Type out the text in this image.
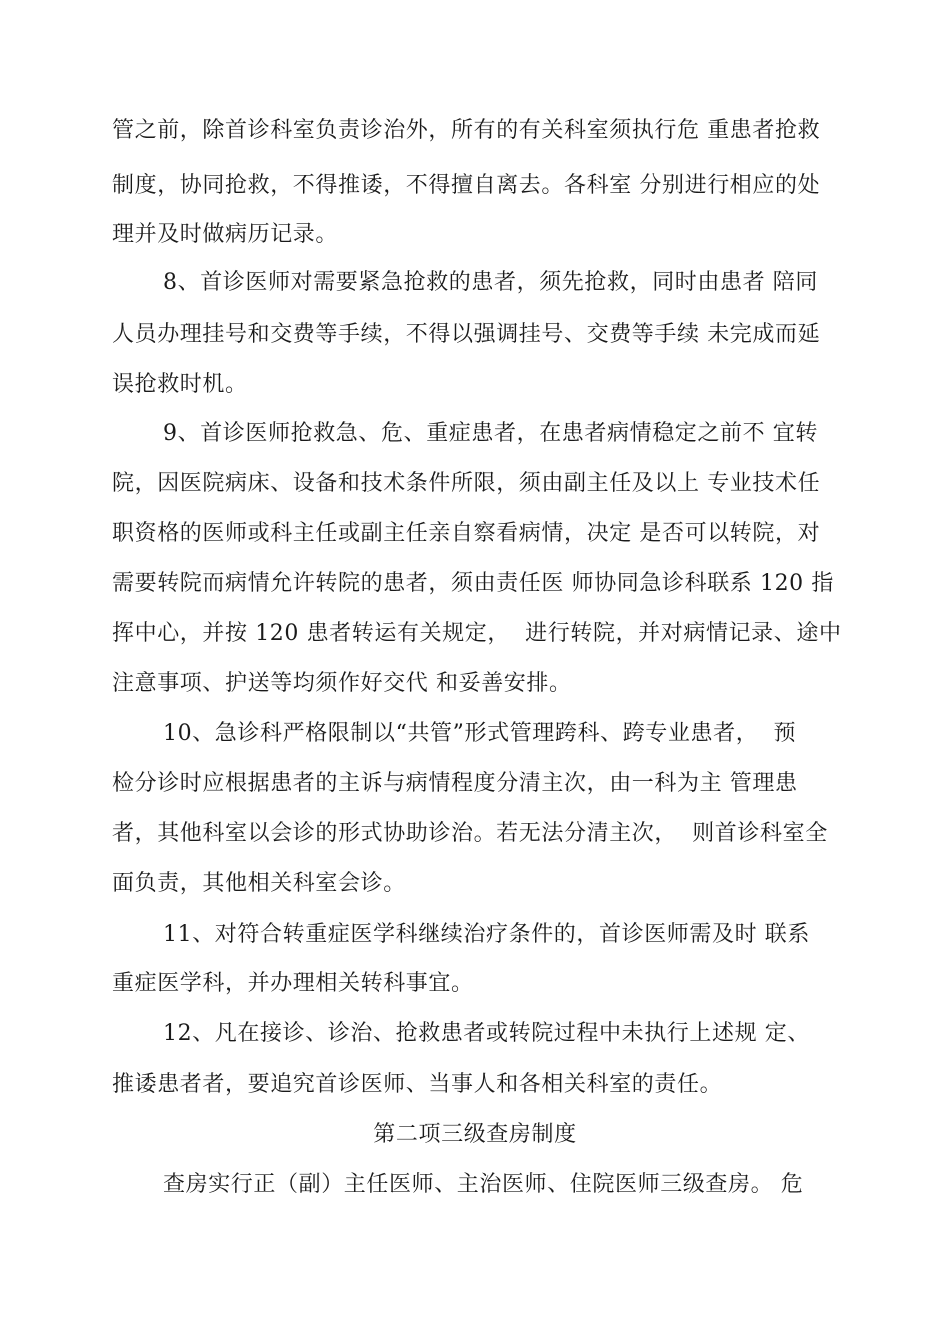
管之前，除首诊科室负责诊治外，所有的有关科室须执行危 重患者抢救
制度，协同抢救，不得推诿，不得擅自离去。各科室 分别进行相应的处
理并及时做病历记录。
8、首诊医师对需要紧急抢救的患者，须先抢救，同时由患者 陪同
人员办理挂号和交费等手续，不得以强调挂号、交费等手续 未完成而延
误抢救时机。
9、首诊医师抢救急、危、重症患者，在患者病情稳定之前不 宜转
院，因医院病床、设备和技术条件所限，须由副主任及以上 专业技术任
职资格的医师或科主任或副主任亲自察看病情，决定 是否可以转院，对
需要转院而病情允许转院的患者，须由责任医 师协同急诊科联系 120 指
挥中心，并按 120 患者转运有关规定，  进行转院，并对病情记录、途中
注意事项、护送等均须作好交代 和妥善安排。
10、急诊科严格限制以“共管”形式管理跨科、跨专业患者，  预
检分诊时应根据患者的主诉与病情程度分清主次，由一科为主 管理患
者，其他科室以会诊的形式协助诊治。若无法分清主次，  则首诊科室全
面负责，其他相关科室会诊。
11、对符合转重症医学科继续治疗条件的，首诊医师需及时 联系
重症医学科，并办理相关转科事宜。
12、凡在接诊、诊治、抢救患者或转院过程中未执行上述规 定、
推诿患者者，要追究首诊医师、当事人和各相关科室的责任。
第二项三级查房制度
查房实行正（副）主任医师、主治医师、住院医师三级查房。 危
